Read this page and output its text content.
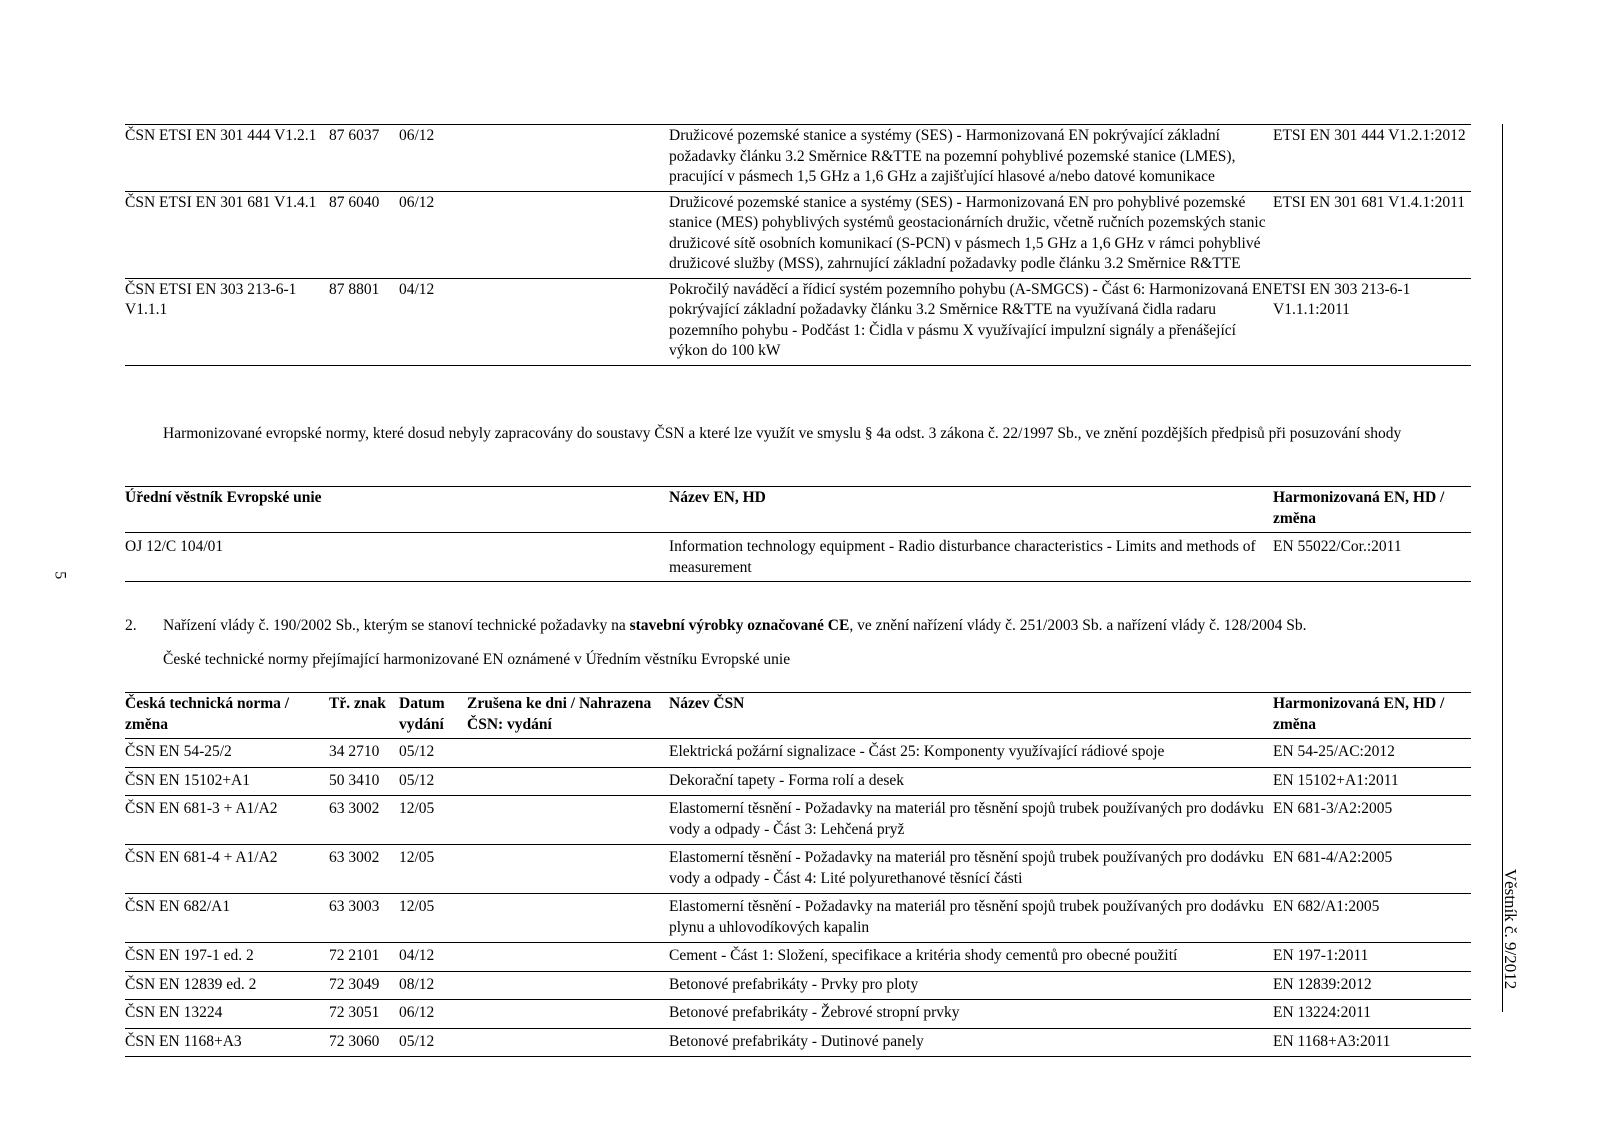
5
Věstník č. 9/2012
ČSN ETSI EN 301 444 V1.2.1	87 6037	06/12		Družicové pozemské stanice a systémy (SES) - Harmonizovaná EN pokrývající základní požadavky článku 3.2 Směrnice R&TTE na pozemní pohyblivé pozemské stanice (LMES), pracující v pásmech 1,5 GHz a 1,6 GHz a zajišťující hlasové a/nebo datové komunikace	ETSI EN 301 444 V1.2.1:2012
ČSN ETSI EN 301 681 V1.4.1	87 6040	06/12		Družicové pozemské stanice a systémy (SES) - Harmonizovaná EN pro pohyblivé pozemské stanice (MES) pohyblivých systémů geostacionárních družic, včetně ručních pozemských stanic družicové sítě osobních komunikací (S-PCN) v pásmech 1,5 GHz a 1,6 GHz v rámci pohyblivé družicové služby (MSS), zahrnující základní požadavky podle článku 3.2 Směrnice R&TTE	ETSI EN 301 681 V1.4.1:2011
ČSN ETSI EN 303 213-6-1 V1.1.1	87 8801	04/12		Pokročilý naváděcí a řídicí systém pozemního pohybu (A-SMGCS) - Část 6: Harmonizovaná EN pokrývající základní požadavky článku 3.2 Směrnice R&TTE na využívaná čidla radaru pozemního pohybu - Podčást 1: Čidla v pásmu X využívající impulzní signály a přenášející výkon do 100 kW	ETSI EN 303 213-6-1 V1.1.1:2011
Harmonizované evropské normy, které dosud nebyly zapracovány do soustavy ČSN a které lze využít ve smyslu § 4a odst. 3 zákona č. 22/1997 Sb., ve znění pozdějších předpisů při posuzování shody
Úřední věstník Evropské unie	Název EN, HD	Harmonizovaná EN, HD / změna
OJ 12/C 104/01	Information technology equipment - Radio disturbance characteristics - Limits and methods of measurement	EN 55022/Cor.:2011
2. Nařízení vlády č. 190/2002 Sb., kterým se stanoví technické požadavky na stavební výrobky označované CE, ve znění nařízení vlády č. 251/2003 Sb. a nařízení vlády č. 128/2004 Sb.
České technické normy přejímající harmonizované EN oznámené v Úředním věstníku Evropské unie
Česká technická norma / změna	Tř. znak	Datum vydání	Zrušena ke dni / Nahrazena ČSN: vydání	Název ČSN	Harmonizovaná EN, HD / změna
ČSN EN 54-25/2	34 2710	05/12		Elektrická požární signalizace - Část 25: Komponenty využívající rádiové spoje	EN 54-25/AC:2012
ČSN EN 15102+A1	50 3410	05/12		Dekorační tapety - Forma rolí a desek	EN 15102+A1:2011
ČSN EN 681-3 + A1/A2	63 3002	12/05		Elastomerní těsnění - Požadavky na materiál pro těsnění spojů trubek používaných pro dodávku vody a odpady - Část 3: Lehčená pryž	EN 681-3/A2:2005
ČSN EN 681-4 + A1/A2	63 3002	12/05		Elastomerní těsnění - Požadavky na materiál pro těsnění spojů trubek používaných pro dodávku vody a odpady - Část 4: Lité polyurethanové těsnící části	EN 681-4/A2:2005
ČSN EN 682/A1	63 3003	12/05		Elastomerní těsnění - Požadavky na materiál pro těsnění spojů trubek používaných pro dodávku plynu a uhlovodíkových kapalin	EN 682/A1:2005
ČSN EN 197-1 ed. 2	72 2101	04/12		Cement - Část 1: Složení, specifikace a kritéria shody cementů pro obecné použití	EN 197-1:2011
ČSN EN 12839 ed. 2	72 3049	08/12		Betonové prefabrikáty - Prvky pro ploty	EN 12839:2012
ČSN EN 13224	72 3051	06/12		Betonové prefabrikáty - Žebrové stropní prvky	EN 13224:2011
ČSN EN 1168+A3	72 3060	05/12		Betonové prefabrikáty - Dutinové panely	EN 1168+A3:2011
